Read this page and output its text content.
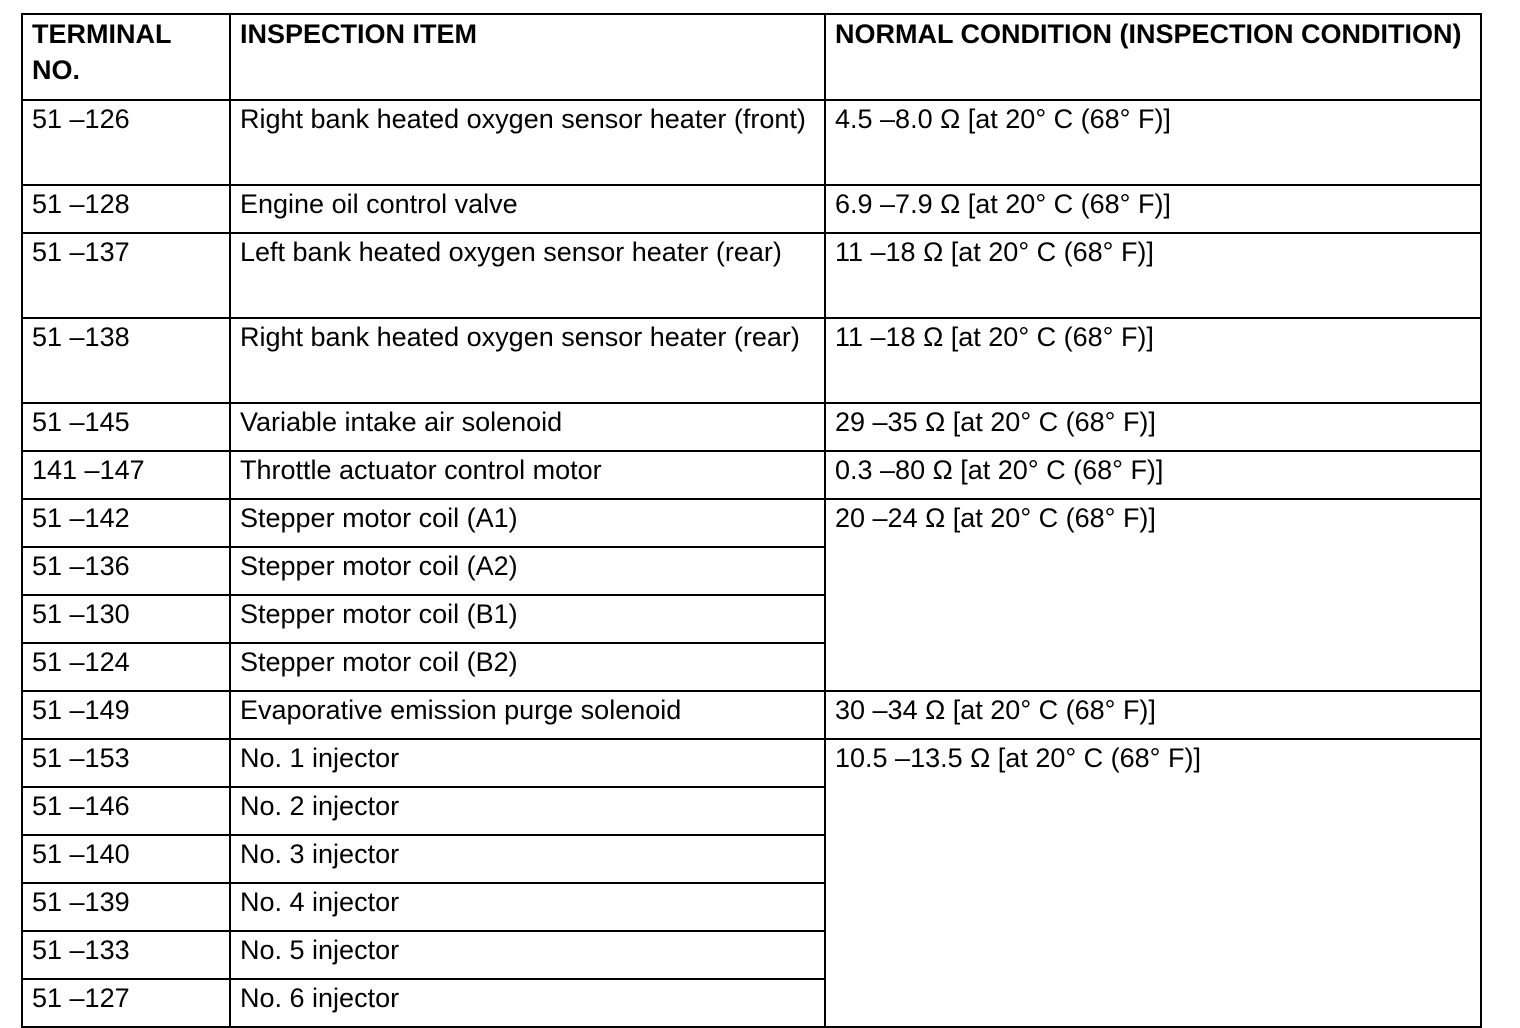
TERMINAL NO.	INSPECTION ITEM	NORMAL CONDITION (INSPECTION CONDITION)
51 –126	Right bank heated oxygen sensor heater (front)	4.5 –8.0 Ω [at 20° C (68° F)]
51 –128	Engine oil control valve	6.9 –7.9 Ω [at 20° C (68° F)]
51 –137	Left bank heated oxygen sensor heater (rear)	11 –18 Ω [at 20° C (68° F)]
51 –138	Right bank heated oxygen sensor heater (rear)	11 –18 Ω [at 20° C (68° F)]
51 –145	Variable intake air solenoid	29 –35 Ω [at 20° C (68° F)]
141 –147	Throttle actuator control motor	0.3 –80 Ω [at 20° C (68° F)]
51 –142	Stepper motor coil (A1)	20 –24 Ω [at 20° C (68° F)]
51 –136	Stepper motor coil (A2)	
51 –130	Stepper motor coil (B1)	
51 –124	Stepper motor coil (B2)	
51 –149	Evaporative emission purge solenoid	30 –34 Ω [at 20° C (68° F)]
51 –153	No. 1 injector	10.5 –13.5 Ω [at 20° C (68° F)]
51 –146	No. 2 injector	
51 –140	No. 3 injector	
51 –139	No. 4 injector	
51 –133	No. 5 injector	
51 –127	No. 6 injector	
